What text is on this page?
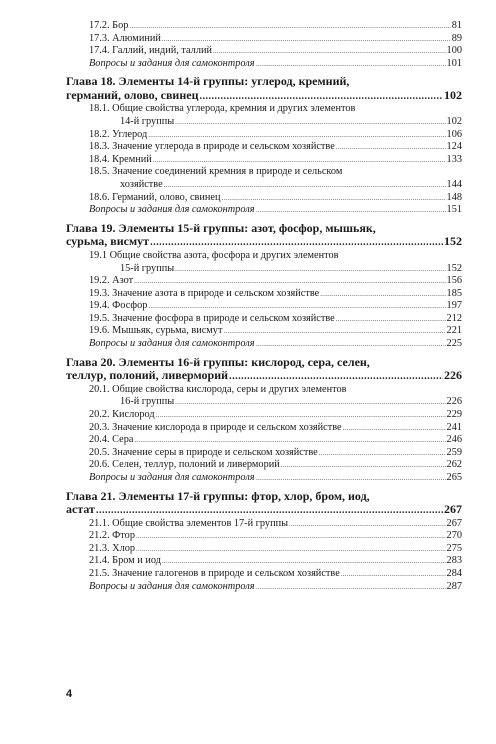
17.2. Бор .....	81
17.3. Алюминий .....	89
17.4. Галлий, индий, таллий .....	100
Вопросы и задания для самоконтроля .....	101
Глава 18. Элементы 14-й группы: углерод, кремний,
германий, олово, свинец .....	102
18.1. Общие свойства углерода, кремния и других элементов
14-й группы .....	102
18.2. Углерод .....	106
18.3. Значение углерода в природе и сельском хозяйстве .....	124
18.4. Кремний .....	133
18.5. Значение соединений кремния в природе и сельском
хозяйстве .....	144
18.6. Германий, олово, свинец .....	148
Вопросы и задания для самоконтроля .....	151
Глава 19. Элементы 15-й группы: азот, фосфор, мышьяк,
сурьма, висмут .....	152
19.1 Общие свойства азота, фосфора и других элементов
15-й группы .....	152
19.2. Азот .....	156
19.3. Значение азота в природе и сельском хозяйстве .....	185
19.4. Фосфор .....	197
19.5. Значение фосфора в природе и сельском хозяйстве .....	212
19.6. Мышьяк, сурьма, висмут .....	221
Вопросы и задания для самоконтроля .....	225
Глава 20. Элементы 16-й группы: кислород, сера, селен,
теллур, полоний, ливерморий .....	226
20.1. Общие свойства кислорода, серы и других элементов
16-й группы .....	226
20.2. Кислород .....	229
20.3. Значение кислорода в природе и сельском хозяйстве .....	241
20.4. Сера .....	246
20.5. Значение серы в природе и сельском хозяйстве .....	259
20.6. Селен, теллур, полоний и ливерморий .....	262
Вопросы и задания для самоконтроля .....	265
Глава 21. Элементы 17-й группы: фтор, хлор, бром, иод,
астат .....	267
21.1. Общие свойства элементов 17-й группы .....	267
21.2. Фтор .....	270
21.3. Хлор .....	275
21.4. Бром и иод .....	283
21.5. Значение галогенов в природе и сельском хозяйстве .....	284
Вопросы и задания для самоконтроля .....	287
4
